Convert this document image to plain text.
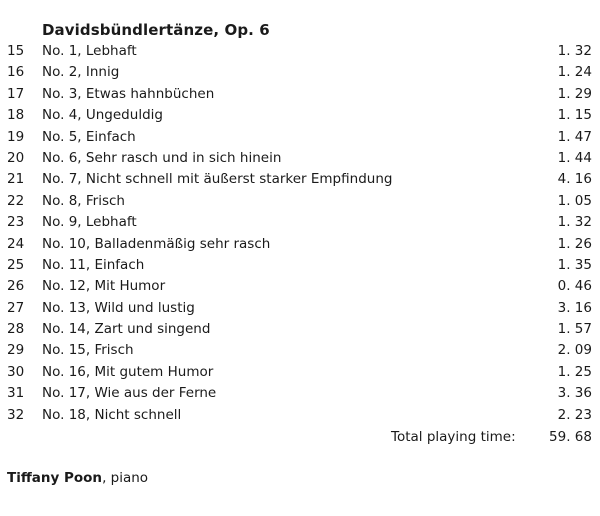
Davidsbündlertänze, Op. 6
15 No. 1, Lebhaft	1. 32
16 No. 2, Innig	1. 24
17 No. 3, Etwas hahnbüchen	1. 29
18 No. 4, Ungeduldig	1. 15
19 No. 5, Einfach	1. 47
20 No. 6, Sehr rasch und in sich hinein	1. 44
21 No. 7, Nicht schnell mit äußerst starker Empfindung	4. 16
22 No. 8, Frisch	1. 05
23 No. 9, Lebhaft	1. 32
24 No. 10, Balladenmäßig sehr rasch	1. 26
25 No. 11, Einfach	1. 35
26 No. 12, Mit Humor	0. 46
27 No. 13, Wild und lustig	3. 16
28 No. 14, Zart und singend	1. 57
29 No. 15, Frisch	2. 09
30 No. 16, Mit gutem Humor	1. 25
31 No. 17, Wie aus der Ferne	3. 36
32 No. 18, Nicht schnell	2. 23
Total playing time: 59. 68
Tiffany Poon, piano
